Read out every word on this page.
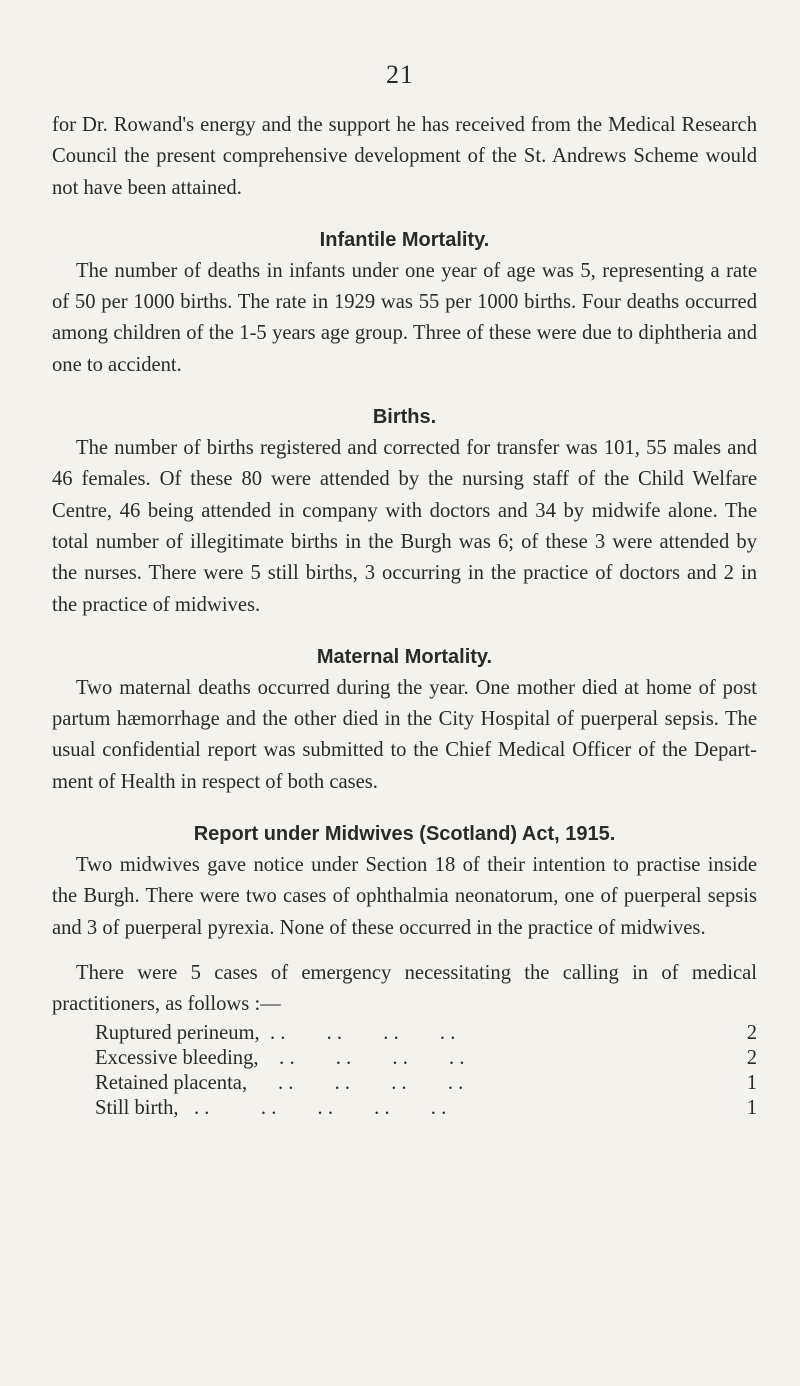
21

for Dr. Rowand's energy and the support he has received from the Medical Research Council the present comprehensive development of the St. Andrews Scheme would not have been attained.

Infantile Mortality.

The number of deaths in infants under one year of age was 5, representing a rate of 50 per 1000 births. The rate in 1929 was 55 per 1000 births. Four deaths occurred among children of the 1-5 years age group. Three of these were due to diphtheria and one to accident.

Births.

The number of births registered and corrected for transfer was 101, 55 males and 46 females. Of these 80 were attended by the nursing staff of the Child Welfare Centre, 46 being attended in company with doctors and 34 by midwife alone. The total number of illegitimate births in the Burgh was 6; of these 3 were attended by the nurses. There were 5 still births, 3 occurring in the practice of doctors and 2 in the practice of midwives.

Maternal Mortality.

Two maternal deaths occurred during the year. One mother died at home of post partum hæmorrhage and the other died in the City Hospital of puerperal sepsis. The usual confidential report was submitted to the Chief Medical Officer of the Department of Health in respect of both cases.

Report under Midwives (Scotland) Act, 1915.

Two midwives gave notice under Section 18 of their intention to practise inside the Burgh. There were two cases of ophthalmia neonatorum, one of puerperal sepsis and 3 of puerperal pyrexia. None of these occurred in the practice of midwives.

There were 5 cases of emergency necessitating the calling in of medical practitioners, as follows :—

Ruptured perineum,  . .        . .        . .        . .	2
Excessive bleeding,    . .        . .        . .        . .	2
Retained placenta,      . .        . .        . .        . .	1
Still birth,   . .          . .        . .        . .        . .	1
